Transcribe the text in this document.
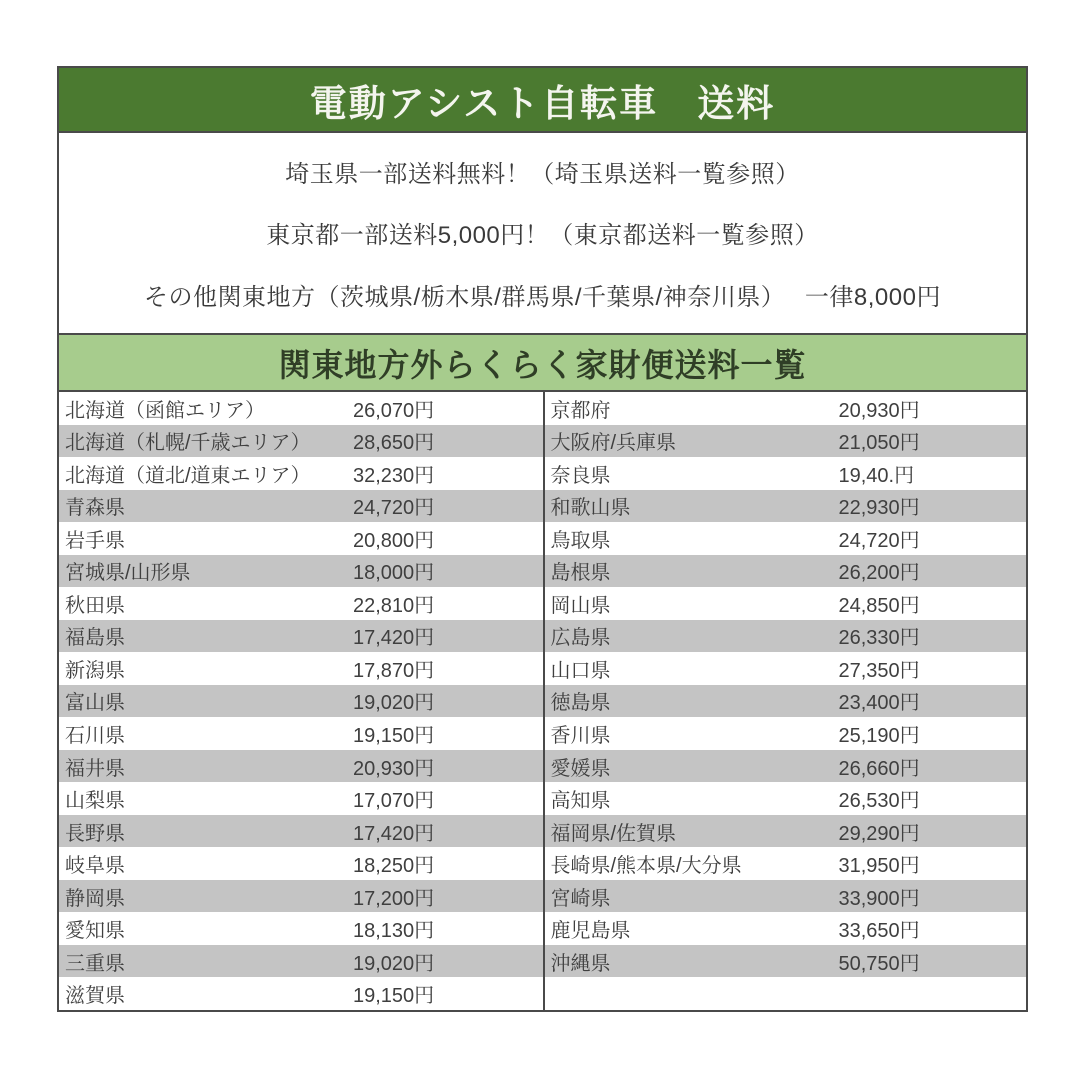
電動アシスト自転車　送料

埼玉県一部送料無料！（埼玉県送料一覧参照）

東京都一部送料5,000円！（東京都送料一覧参照）

その他関東地方（茨城県/栃木県/群馬県/千葉県/神奈川県）　 一律8,000円

関東地方外らくらく家財便送料一覧
北海道（函館エリア）	26,070円
北海道（札幌/千歳エリア）	28,650円
北海道（道北/道東エリア）	32,230円
青森県	24,720円
岩手県	20,800円
宮城県/山形県	18,000円
秋田県	22,810円
福島県	17,420円
新潟県	17,870円
富山県	19,020円
石川県	19,150円
福井県	20,930円
山梨県	17,070円
長野県	17,420円
岐阜県	18,250円
静岡県	17,200円
愛知県	18,130円
三重県	19,020円
滋賀県	19,150円
京都府	20,930円
大阪府/兵庫県	21,050円
奈良県	19,40.円
和歌山県	22,930円
鳥取県	24,720円
島根県	26,200円
岡山県	24,850円
広島県	26,330円
山口県	27,350円
徳島県	23,400円
香川県	25,190円
愛媛県	26,660円
高知県	26,530円
福岡県/佐賀県	29,290円
長崎県/熊本県/大分県	31,950円
宮崎県	33,900円
鹿児島県	33,650円
沖縄県	50,750円
